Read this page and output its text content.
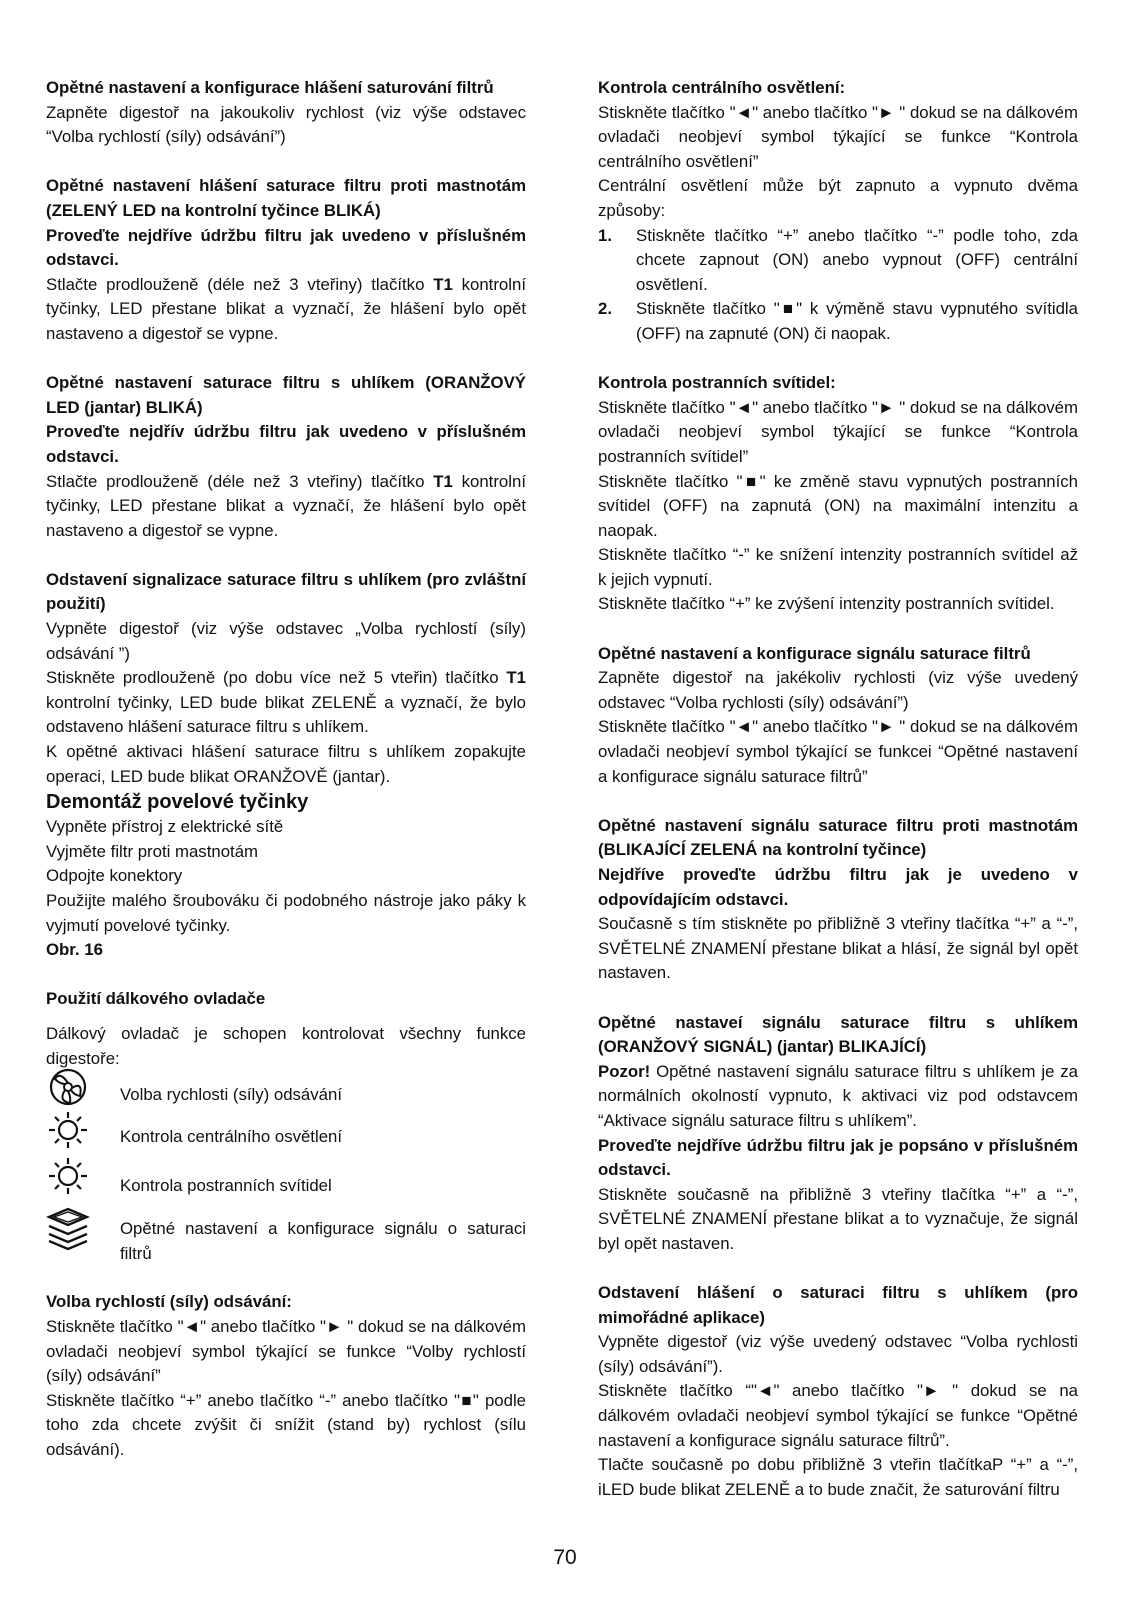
Opětné nastavení a konfigurace hlášení saturování filtrů

Zapněte digestoř na jakoukoliv rychlost (viz výše odstavec “Volba rychlostí (síly) odsávání”)

Opětné nastavení hlášení saturace filtru proti mastnotám (ZELENÝ LED na kontrolní tyčince BLIKÁ)

Proveďte nejdříve údržbu filtru jak uvedeno v příslušném odstavci.

Stlačte prodlouženě (déle než 3 vteřiny) tlačítko T1 kontrolní tyčinky, LED přestane blikat a vyznačí, že hlášení bylo opět nastaveno a digestoř se vypne.

Opětné nastavení saturace filtru s uhlíkem (ORANŽOVÝ LED (jantar) BLIKÁ)

Proveďte nejdřív údržbu filtru jak uvedeno v příslušném odstavci.

Stlačte prodlouženě (déle než 3 vteřiny) tlačítko T1 kontrolní tyčinky, LED přestane blikat a vyznačí, že hlášení bylo opět nastaveno a digestoř se vypne.

Odstavení signalizace saturace filtru s uhlíkem (pro zvláštní použití)

Vypněte digestoř (viz výše odstavec „Volba rychlostí (síly) odsávání ”)

Stiskněte prodlouženě (po dobu více než 5 vteřin) tlačítko T1 kontrolní tyčinky, LED bude blikat ZELENĚ a vyznačí, že bylo odstaveno hlášení saturace filtru s uhlíkem.

K opětné aktivaci hlášení saturace filtru s uhlíkem zopakujte operaci, LED bude blikat ORANŽOVĚ (jantar).

Demontáž povelové tyčinky

Vypněte přístroj z elektrické sítě

Vyjměte filtr proti mastnotám

Odpojte konektory

Použijte malého šroubováku či podobného nástroje jako páky k vyjmutí povelové tyčinky.

Obr. 16

Použití dálkového ovladače

Dálkový ovladač je schopen kontrolovat všechny funkce digestoře:

Volba rychlosti (síly) odsávání

Kontrola centrálního osvětlení

Kontrola postranních svítidel

Opětné nastavení a konfigurace signálu o saturaci filtrů

Volba rychlostí (síly) odsávání:

Stiskněte tlačítko "◄" anebo tlačítko "► " dokud se na dálkovém ovladači neobjeví symbol týkající se funkce “Volby rychlostí (síly) odsávání”

Stiskněte tlačítko “+” anebo tlačítko “-” anebo tlačítko "■" podle toho zda chcete zvýšit či snížit (stand by) rychlost (sílu odsávání).

Kontrola centrálního osvětlení:

Stiskněte tlačítko "◄" anebo tlačítko "► " dokud se na dálkovém ovladači neobjeví symbol týkající se funkce “Kontrola centrálního osvětlení”

Centrální osvětlení může být zapnuto a vypnuto dvěma způsoby:

1.	Stiskněte tlačítko “+” anebo tlačítko “-” podle toho, zda chcete zapnout (ON) anebo vypnout (OFF) centrální osvětlení.
2.	Stiskněte tlačítko "■" k výměně stavu vypnutého svítidla (OFF) na zapnuté (ON) či naopak.

Kontrola postranních svítidel:

Stiskněte tlačítko "◄" anebo tlačítko "► " dokud se na dálkovém ovladači neobjeví symbol týkající se funkce “Kontrola postranních svítidel”

Stiskněte tlačítko "■" ke změně stavu vypnutých postranních svítidel (OFF) na zapnutá (ON) na maximální intenzitu a naopak.

Stiskněte tlačítko “-” ke snížení intenzity postranních svítidel až k jejich vypnutí.

Stiskněte tlačítko “+” ke zvýšení intenzity postranních svítidel.

Opětné nastavení a konfigurace signálu saturace filtrů

Zapněte digestoř na jakékoliv rychlosti (viz výše uvedený odstavec “Volba rychlosti (síly) odsávání”)

Stiskněte tlačítko "◄" anebo tlačítko "► " dokud se na dálkovém ovladači neobjeví symbol týkající se funkcei “Opětné nastavení a konfigurace signálu saturace filtrů”

Opětné nastavení signálu saturace filtru proti mastnotám (BLIKAJÍCÍ ZELENÁ na kontrolní tyčince)

Nejdříve proveďte údržbu filtru jak je uvedeno v odpovídajícím odstavci.

Současně s tím stiskněte po přibližně 3 vteřiny tlačítka “+” a “-”, SVĚTELNÉ ZNAMENÍ přestane blikat a hlásí, že signál byl opět nastaven.

Opětné nastaveí signálu saturace filtru s uhlíkem (ORANŽOVÝ SIGNÁL) (jantar) BLIKAJÍCÍ)

Pozor! Opětné nastavení signálu saturace filtru s uhlíkem je za normálních okolností vypnuto, k aktivaci viz pod odstavcem “Aktivace signálu saturace filtru s uhlíkem”.

Proveďte nejdříve údržbu filtru jak je popsáno v příslušném odstavci.

Stiskněte současně na přibližně 3 vteřiny tlačítka “+” a “-”, SVĚTELNÉ ZNAMENÍ přestane blikat a to vyznačuje, že signál byl opět nastaven.

Odstavení hlášení o saturaci filtru s uhlíkem (pro mimořádné aplikace)

Vypněte digestoř (viz výše uvedený odstavec “Volba rychlosti (síly) odsávání”).

Stiskněte tlačítko “"◄" anebo tlačítko "► " dokud se na dálkovém ovladači neobjeví symbol týkající se funkce “Opětné nastavení a konfigurace signálu saturace filtrů”.

Tlačte současně po dobu přibližně 3 vteřin tlačítkaP “+” a “-”, iLED bude blikat ZELENĚ a to bude značit, že saturování filtru

70
